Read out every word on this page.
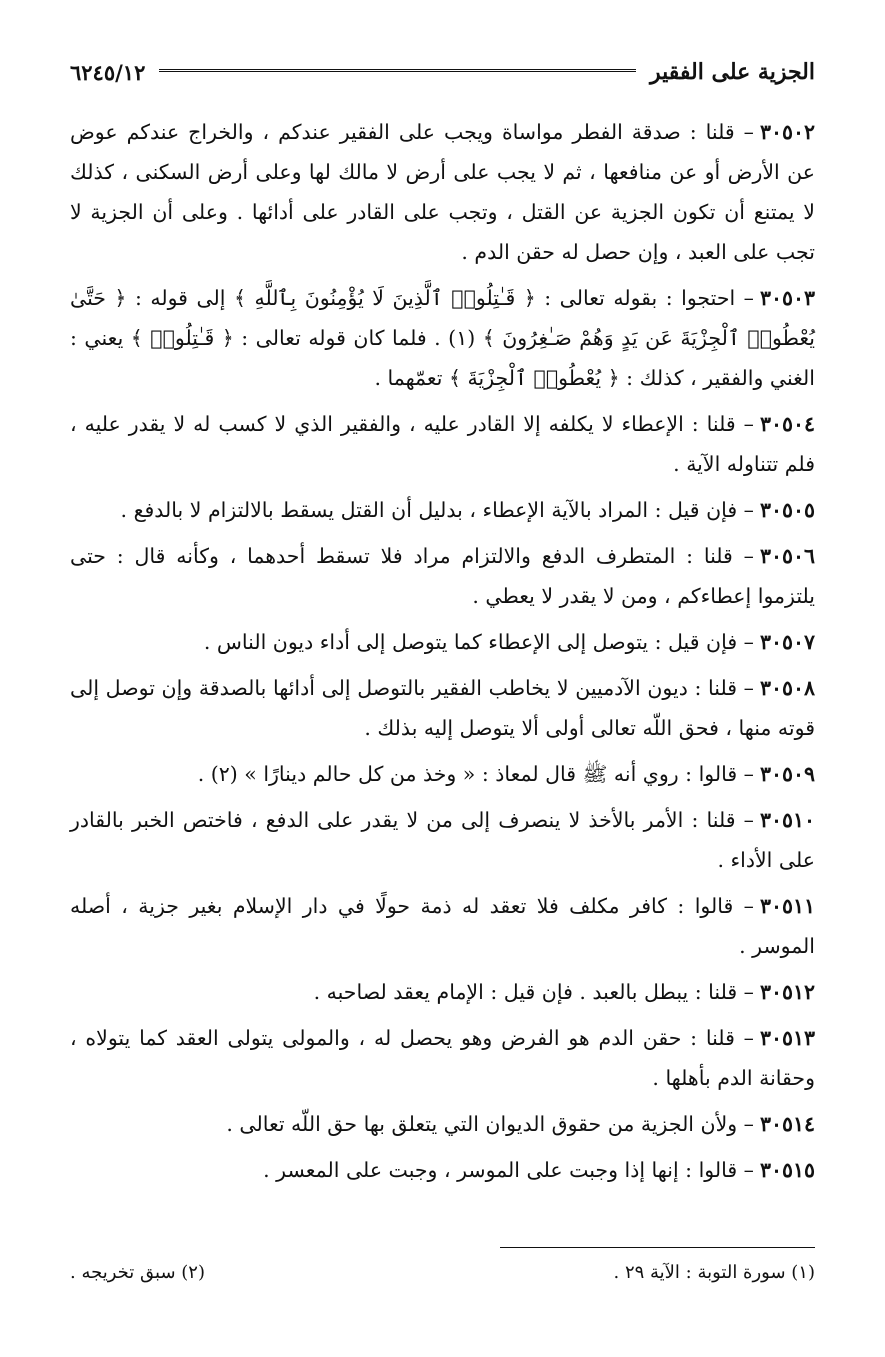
الجزية على الفقير
٦٢٤٥/١٢

٣٠٥٠٢– قلنا : صدقة الفطر مواساة ويجب على الفقير عندكم ، والخراج عندكم عوض عن الأرض أو عن منافعها ، ثم لا يجب على أرض لا مالك لها وعلى أرض السكنى ، كذلك لا يمتنع أن تكون الجزية عن القتل ، وتجب على القادر على أدائها . وعلى أن الجزية لا تجب على العبد ، وإن حصل له حقن الدم .

٣٠٥٠٣– احتجوا : بقوله تعالى : ﴿ قَـٰتِلُوا۟ ٱلَّذِينَ لَا يُؤْمِنُونَ بِٱللَّهِ ﴾ إلى قوله : ﴿ حَتَّىٰ يُعْطُوا۟ ٱلْجِزْيَةَ عَن يَدٍ وَهُمْ صَـٰغِرُونَ ﴾ (١) . فلما كان قوله تعالى : ﴿ قَـٰتِلُوا۟ ﴾ يعني : الغني والفقير ، كذلك : ﴿ يُعْطُوا۟ ٱلْجِزْيَةَ ﴾ تعمّهما .

٣٠٥٠٤– قلنا : الإعطاء لا يكلفه إلا القادر عليه ، والفقير الذي لا كسب له لا يقدر عليه ، فلم تتناوله الآية .

٣٠٥٠٥– فإن قيل : المراد بالآية الإعطاء ، بدليل أن القتل يسقط بالالتزام لا بالدفع .

٣٠٥٠٦– قلنا : المتطرف الدفع والالتزام مراد فلا تسقط أحدهما ، وكأنه قال : حتى يلتزموا إعطاءكم ، ومن لا يقدر لا يعطي .

٣٠٥٠٧– فإن قيل : يتوصل إلى الإعطاء كما يتوصل إلى أداء ديون الناس .

٣٠٥٠٨– قلنا : ديون الآدميين لا يخاطب الفقير بالتوصل إلى أدائها بالصدقة وإن توصل إلى قوته منها ، فحق اللّه تعالى أولى ألا يتوصل إليه بذلك .

٣٠٥٠٩– قالوا : روي أنه ﷺ قال لمعاذ : « وخذ من كل حالم دينارًا » (٢) .

٣٠٥١٠– قلنا : الأمر بالأخذ لا ينصرف إلى من لا يقدر على الدفع ، فاختص الخبر بالقادر على الأداء .

٣٠٥١١– قالوا : كافر مكلف فلا تعقد له ذمة حولًا في دار الإسلام بغير جزية ، أصله الموسر .

٣٠٥١٢– قلنا : يبطل بالعبد . فإن قيل : الإمام يعقد لصاحبه .

٣٠٥١٣– قلنا : حقن الدم هو الفرض وهو يحصل له ، والمولى يتولى العقد كما يتولاه ، وحقانة الدم بأهلها .

٣٠٥١٤– ولأن الجزية من حقوق الديوان التي يتعلق بها حق اللّه تعالى .

٣٠٥١٥– قالوا : إنها إذا وجبت على الموسر ، وجبت على المعسر .

(١) سورة التوبة : الآية ٢٩ .
(٢) سبق تخريجه .
